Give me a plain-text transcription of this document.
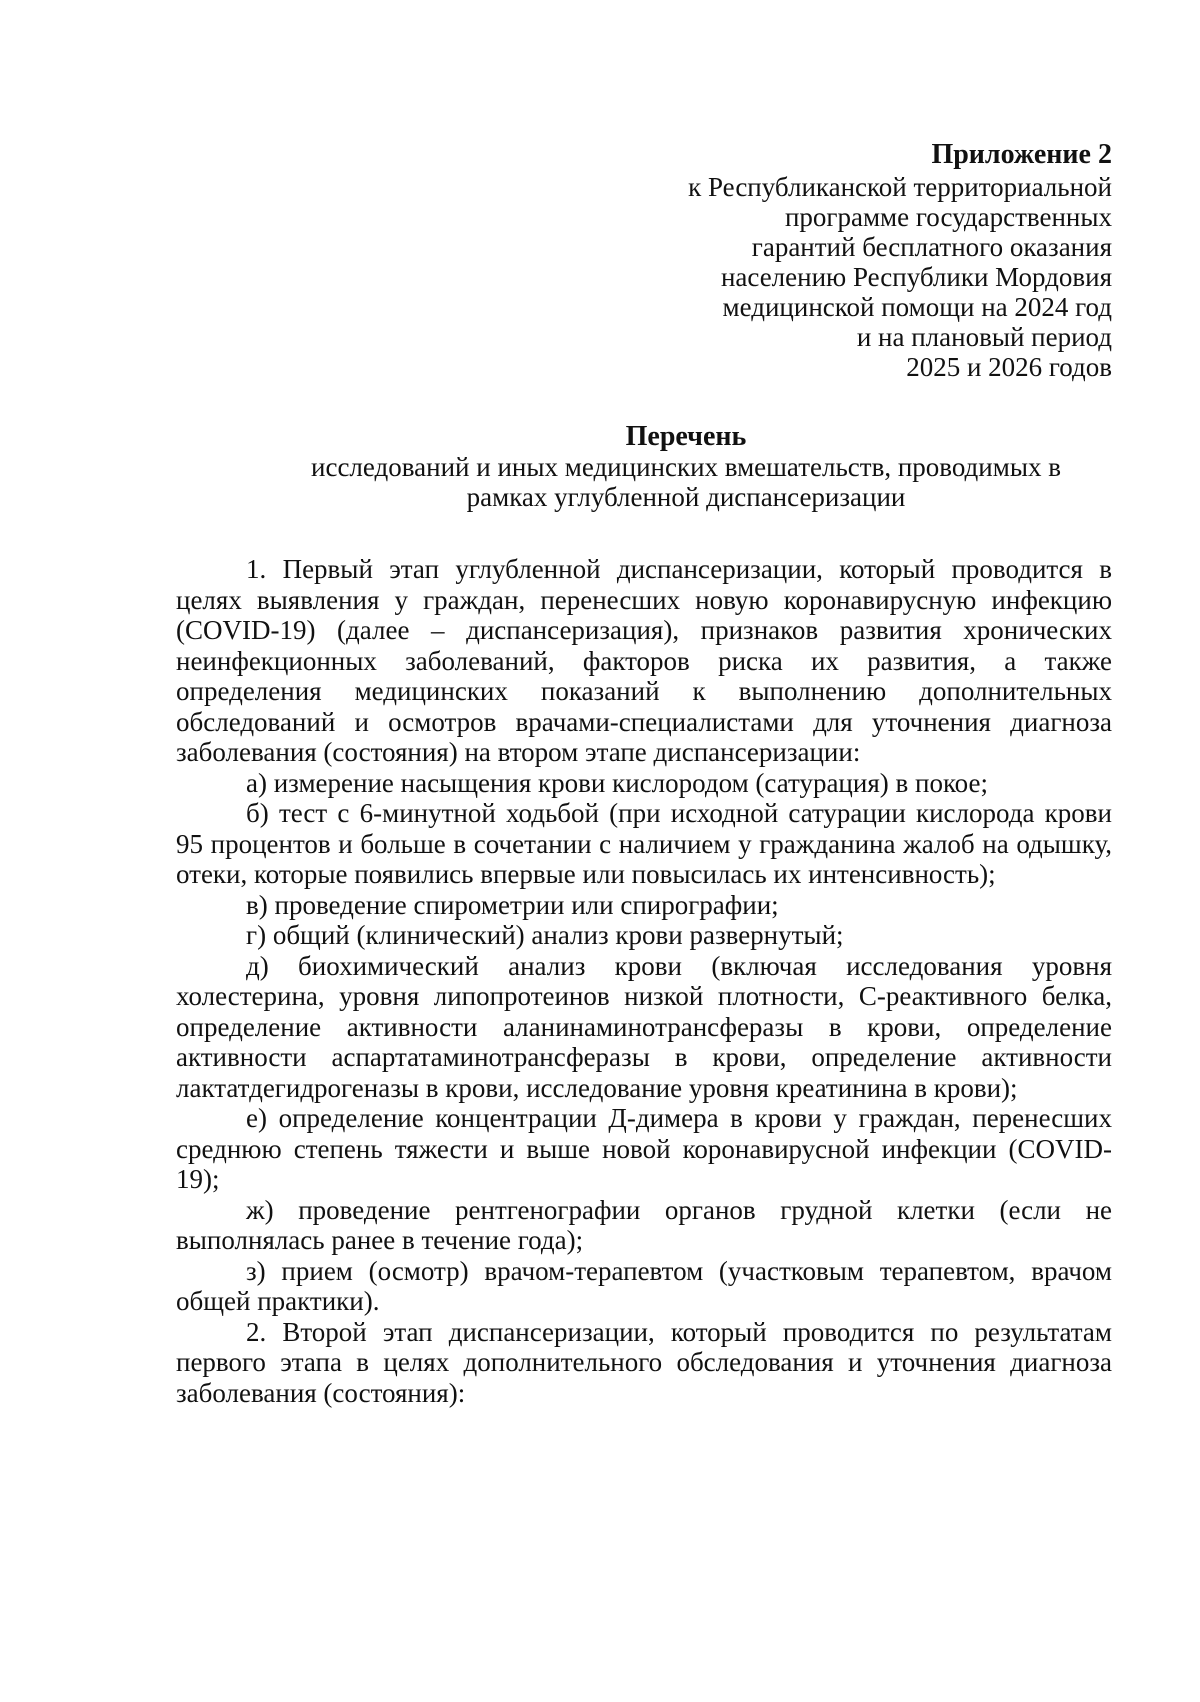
Приложение 2
к Республиканской территориальной
программе государственных
гарантий бесплатного оказания
населению Республики Мордовия
медицинской помощи на 2024 год
и на плановый период
2025 и 2026 годов
Перечень
исследований и иных медицинских вмешательств, проводимых в
рамках углубленной диспансеризации

1. Первый этап углубленной диспансеризации, который проводится в целях выявления у граждан, перенесших новую коронавирусную инфекцию (COVID-19) (далее – диспансеризация), признаков развития хронических неинфекционных заболеваний, факторов риска их развития, а также определения медицинских показаний к выполнению дополнительных обследований и осмотров врачами-специалистами для уточнения диагноза заболевания (состояния) на втором этапе диспансеризации:

а) измерение насыщения крови кислородом (сатурация) в покое;

б) тест с 6-минутной ходьбой (при исходной сатурации кислорода крови 95 процентов и больше в сочетании с наличием у гражданина жалоб на одышку, отеки, которые появились впервые или повысилась их интенсивность);

в) проведение спирометрии или спирографии;

г) общий (клинический) анализ крови развернутый;

д) биохимический анализ крови (включая исследования уровня холестерина, уровня липопротеинов низкой плотности, С-реактивного белка, определение активности аланинаминотрансферазы в крови, определение активности аспартатаминотрансферазы в крови, определение активности лактатдегидрогеназы в крови, исследование уровня креатинина в крови);

е) определение концентрации Д-димера в крови у граждан, перенесших среднюю степень тяжести и выше новой коронавирусной инфекции (COVID-19);

ж) проведение рентгенографии органов грудной клетки (если не выполнялась ранее в течение года);

з) прием (осмотр) врачом-терапевтом (участковым терапевтом, врачом общей практики).

2. Второй этап диспансеризации, который проводится по результатам первого этапа в целях дополнительного обследования и уточнения диагноза заболевания (состояния):
